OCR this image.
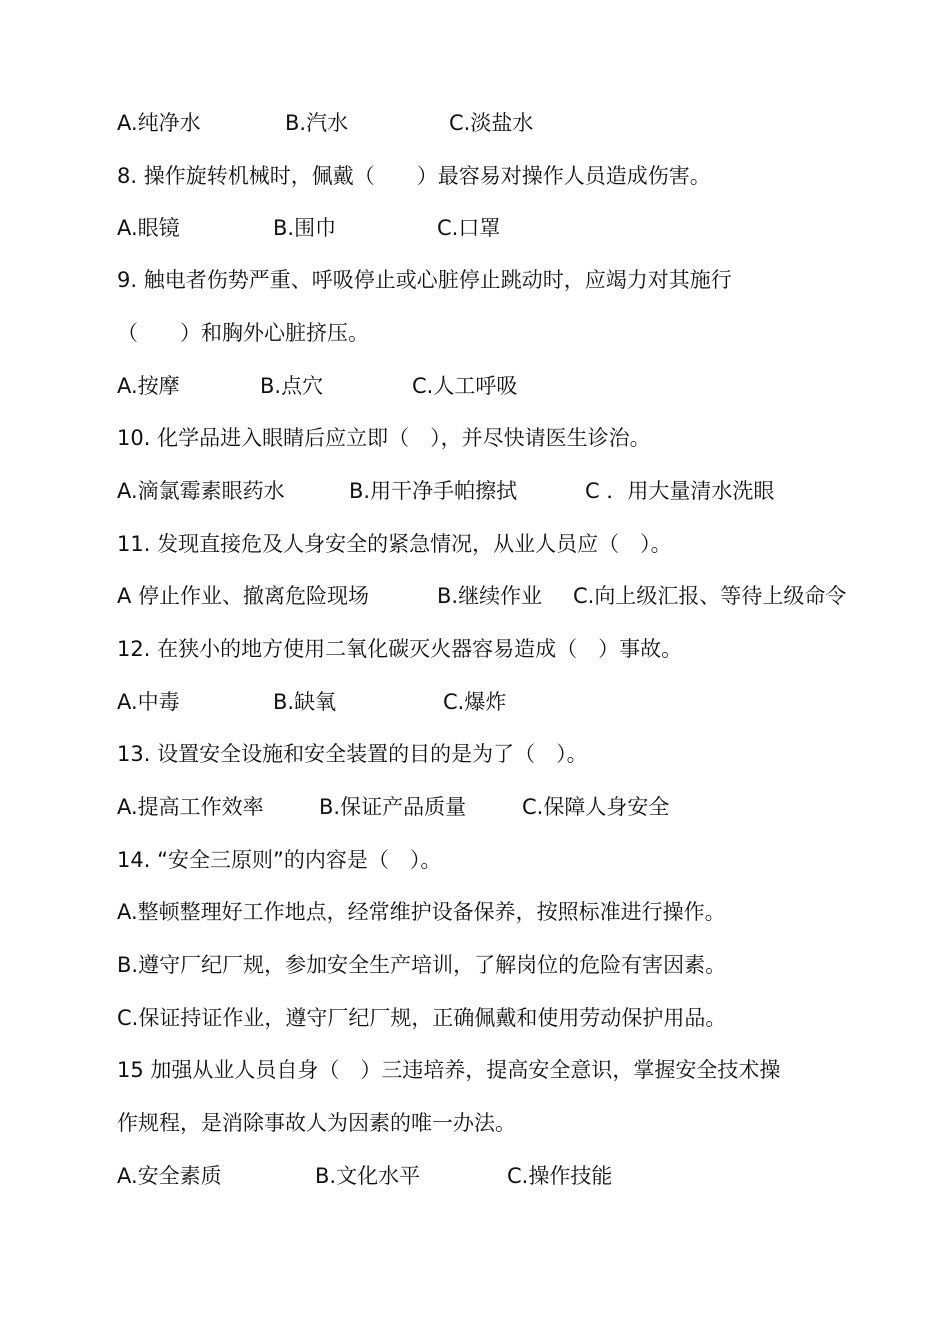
A.纯净水	B.汽水	C.淡盐水
8. 操作旋转机械时，佩戴（　　）最容易对操作人员造成伤害。
A.眼镜	B.围巾	C.口罩
9. 触电者伤势严重、呼吸停止或心脏停止跳动时，应竭力对其施行
（　　）和胸外心脏挤压。
A.按摩	B.点穴	C.人工呼吸
10. 化学品进入眼睛后应立即（　），并尽快请医生诊治。
A.滴氯霉素眼药水	B.用干净手帕擦拭	C ．用大量清水洗眼
11. 发现直接危及人身安全的紧急情况，从业人员应（　）。
A 停止作业、撤离危险现场	B.继续作业 C.向上级汇报、等待上级命令
12. 在狭小的地方使用二氧化碳灭火器容易造成（　）事故。
A.中毒	B.缺氧	C.爆炸
13. 设置安全设施和安全装置的目的是为了（　）。
A.提高工作效率	B.保证产品质量	C.保障人身安全
14. “安全三原则”的内容是（　）。
A.整顿整理好工作地点，经常维护设备保养，按照标准进行操作。
B.遵守厂纪厂规，参加安全生产培训，了解岗位的危险有害因素。
C.保证持证作业，遵守厂纪厂规，正确佩戴和使用劳动保护用品。
15 加强从业人员自身（　）三违培养，提高安全意识，掌握安全技术操
作规程，是消除事故人为因素的唯一办法。
A.安全素质	B.文化水平	C.操作技能
